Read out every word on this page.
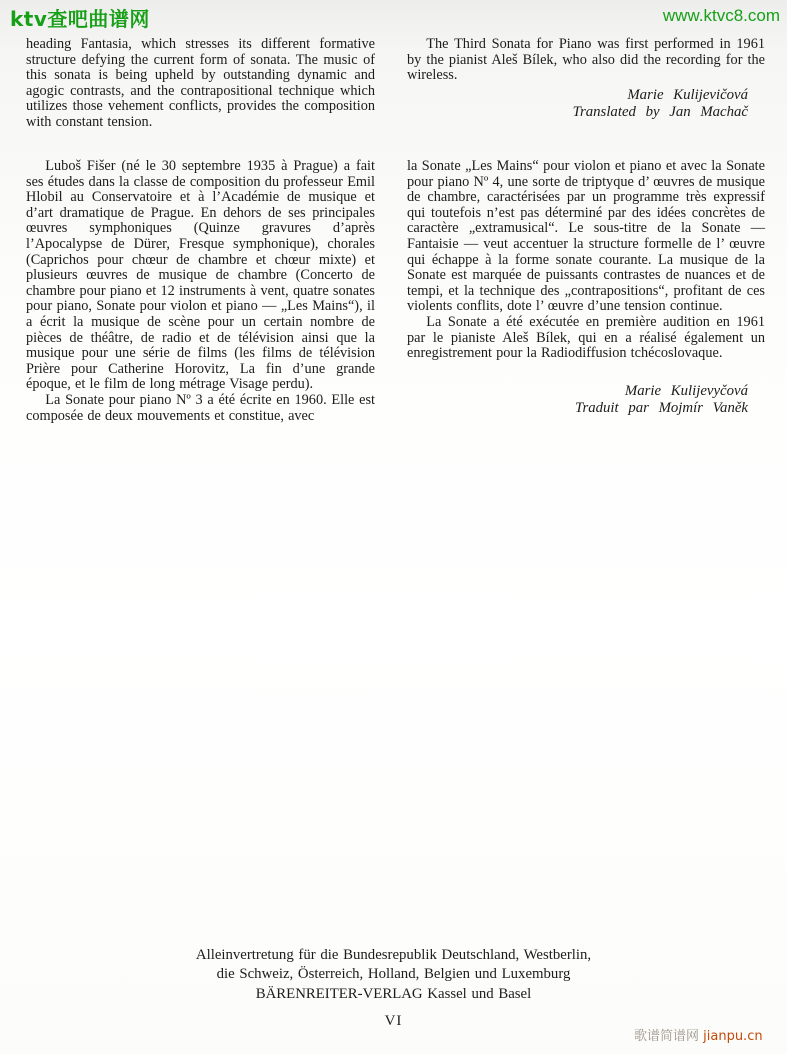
ktv查吧曲谱网	www.ktvc8.com

heading Fantasia, which stresses its different formative structure defying the current form of sonata. The music of this sonata is being upheld by outstanding dynamic and agogic contrasts, and the contrapositional technique which utilizes those vehement conflicts, provides the composition with constant tension.

Luboš Fišer (né le 30 septembre 1935 à Prague) a fait ses études dans la classe de composition du professeur Emil Hlobil au Conservatoire et à l’Académie de musique et d’art dramatique de Prague. En dehors de ses principales œuvres symphoniques (Quinze gravures d’après l’Apocalypse de Dürer, Fresque symphonique), chorales (Caprichos pour chœur de chambre et chœur mixte) et plusieurs œuvres de musique de chambre (Concerto de chambre pour piano et 12 instruments à vent, quatre sonates pour piano, Sonate pour violon et piano — „Les Mains“), il a écrit la musique de scène pour un certain nombre de pièces de théâtre, de radio et de télévision ainsi que la musique pour une série de films (les films de télévision Prière pour Catherine Horovitz, La fin d’une grande époque, et le film de long métrage Visage perdu).

La Sonate pour piano Nº 3 a été écrite en 1960. Elle est composée de deux mouvements et constitue, avec

The Third Sonata for Piano was first performed in 1961 by the pianist Aleš Bílek, who also did the recording for the wireless.

Marie Kulijevičová
Translated by Jan Machač

la Sonate „Les Mains“ pour violon et piano et avec la Sonate pour piano Nº 4, une sorte de triptyque d’ œuvres de musique de chambre, caractérisées par un programme très expressif qui toutefois n’est pas déterminé par des idées concrètes de caractère „extramusical“. Le sous-titre de la Sonate — Fantaisie — veut accentuer la structure formelle de l’ œuvre qui échappe à la forme sonate courante. La musique de la Sonate est marquée de puissants contrastes de nuances et de tempi, et la technique des „contrapositions“, profitant de ces violents conflits, dote l’ œuvre d’une tension continue.

La Sonate a été exécutée en première audition en 1961 par le pianiste Aleš Bílek, qui en a réalisé également un enregistrement pour la Radiodiffusion tchécoslovaque.

Marie Kulijevyčová
Traduit par Mojmír Vaněk
Alleinvertretung für die Bundesrepublik Deutschland, Westberlin,
die Schweiz, Österreich, Holland, Belgien und Luxemburg
BÄRENREITER-VERLAG Kassel und Basel
VI
歌谱简谱网 jianpu.cn
